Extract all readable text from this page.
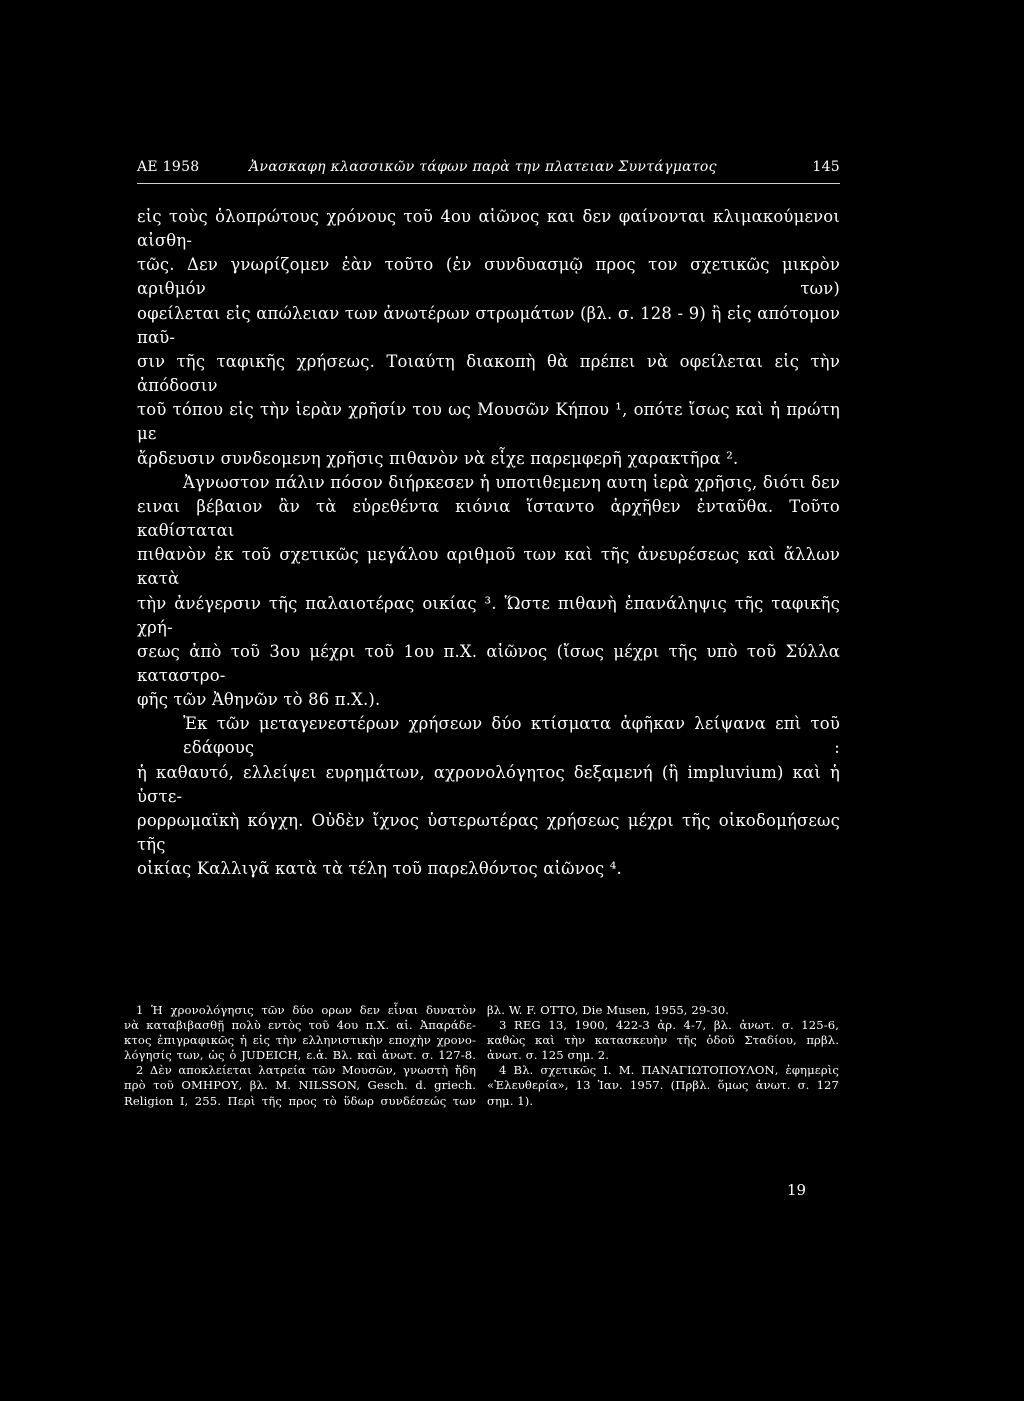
ΑΕ 1958	Ἀνασκαφη κλασσικῶν τάφων παρὰ την πλατειαν Συντάγματος	145

εἰς τοὺς ὁλοπρώτους χρόνους τοῦ 4ου αἰῶνος και δεν φαίνονται κλιμακούμενοι αἰσθη-

τῶς. Δεν γνωρίζομεν ἐὰν τοῦτο (ἐν συνδυασμῷ προς τον σχετικῶς μικρὸν αριθμόν των)

οφείλεται εἰς απώλειαν των ἀνωτέρων στρωμάτων (βλ. σ. 128 - 9) ἢ εἰς απότομον παῦ-

σιν τῆς ταφικῆς χρήσεως. Τοιαύτη διακοπὴ θὰ πρέπει νὰ οφείλεται εἰς τὴν ἀπόδοσιν

τοῦ τόπου εἰς τὴν ἱερὰν χρῆσίν του ως Μουσῶν Κήπου ¹, οπότε ἴσως καὶ ἡ πρώτη με

ἄρδευσιν συνδεομενη χρῆσις πιθανὸν νὰ εἶχε παρεμφερῆ χαρακτῆρα ².

Ἀγνωστον πάλιν πόσον διήρκεσεν ἡ υποτιθεμενη αυτη ἱερὰ χρῆσις, διότι δεν

ειναι βέβαιον ἂν τὰ εὑρεθέντα κιόνια ἵσταντο ἀρχῆθεν ἐνταῦθα. Τοῦτο καθίσταται

πιθανὸν ἐκ τοῦ σχετικῶς μεγάλου αριθμοῦ των καὶ τῆς ἀνευρέσεως καὶ ἄλλων κατὰ

τὴν ἀνέγερσιν τῆς παλαιοτέρας οικίας ³. Ὥστε πιθανὴ ἐπανάληψις τῆς ταφικῆς χρή-

σεως ἀπὸ τοῦ 3ου μέχρι τοῦ 1ου π.Χ. αἰῶνος (ἴσως μέχρι τῆς υπὸ τοῦ Σύλλα καταστρο-

φῆς τῶν Ἀθηνῶν τὸ 86 π.Χ.).

Ἐκ τῶν μεταγενεστέρων χρήσεων δύο κτίσματα ἀφῆκαν λείψανα επὶ τοῦ εδάφους :

ἡ καθαυτό, ελλείψει ευρημάτων, αχρονολόγητος δεξαμενή (ἢ impluvium) καὶ ἡ ὑστε-

ρορρωμαϊκὴ κόγχη. Οὐδὲν ἴχνος ὑστερωτέρας χρήσεως μέχρι τῆς οἰκοδομήσεως τῆς

οἰκίας Καλλιγᾶ κατὰ τὰ τέλη τοῦ παρελθόντος αἰῶνος ⁴.

1 Ἡ χρονολόγησις τῶν δύο ορων δεν εἶναι δυνατὸν

νὰ καταβιβασθῇ πολὺ εντὸς τοῦ 4ου π.Χ. αἰ. Ἀπαράδε-

κτος ἐπιγραφικῶς ἡ εἰς τὴν ελληνιστικὴν εποχὴν χρονο-

λόγησίς των, ὡς ὁ JUDEICH, ε.ἀ. Βλ. καὶ ἀνωτ. σ. 127-8.

2 Δὲν αποκλείεται λατρεία τῶν Μουσῶν, γνωστὴ ἤδη

πρὸ τοῦ ΟΜΗΡΟΥ, βλ. M. NILSSON, Gesch. d. griech.

Religion I, 255. Περὶ τῆς προς τὸ ὕδωρ συνδέσεώς των

βλ. W. F. OTTO, Die Musen, 1955, 29-30.

3 REG 13, 1900, 422-3 ἀρ. 4-7, βλ. ἀνωτ. σ. 125-6,

καθὼς καὶ τὴν κατασκευὴν τῆς ὁδοῦ Σταδίου, πρβλ.

ἀνωτ. σ. 125 σημ. 2.

4 Βλ. σχετικῶς Ι. Μ. ΠΑΝΑΓΙΩΤΟΠΟΥΛΟΝ, ἐφημερὶς

«Ἐλευθερία», 13 Ἰαν. 1957. (Πρβλ. ὅμως ἀνωτ. σ. 127

σημ. 1).

19
